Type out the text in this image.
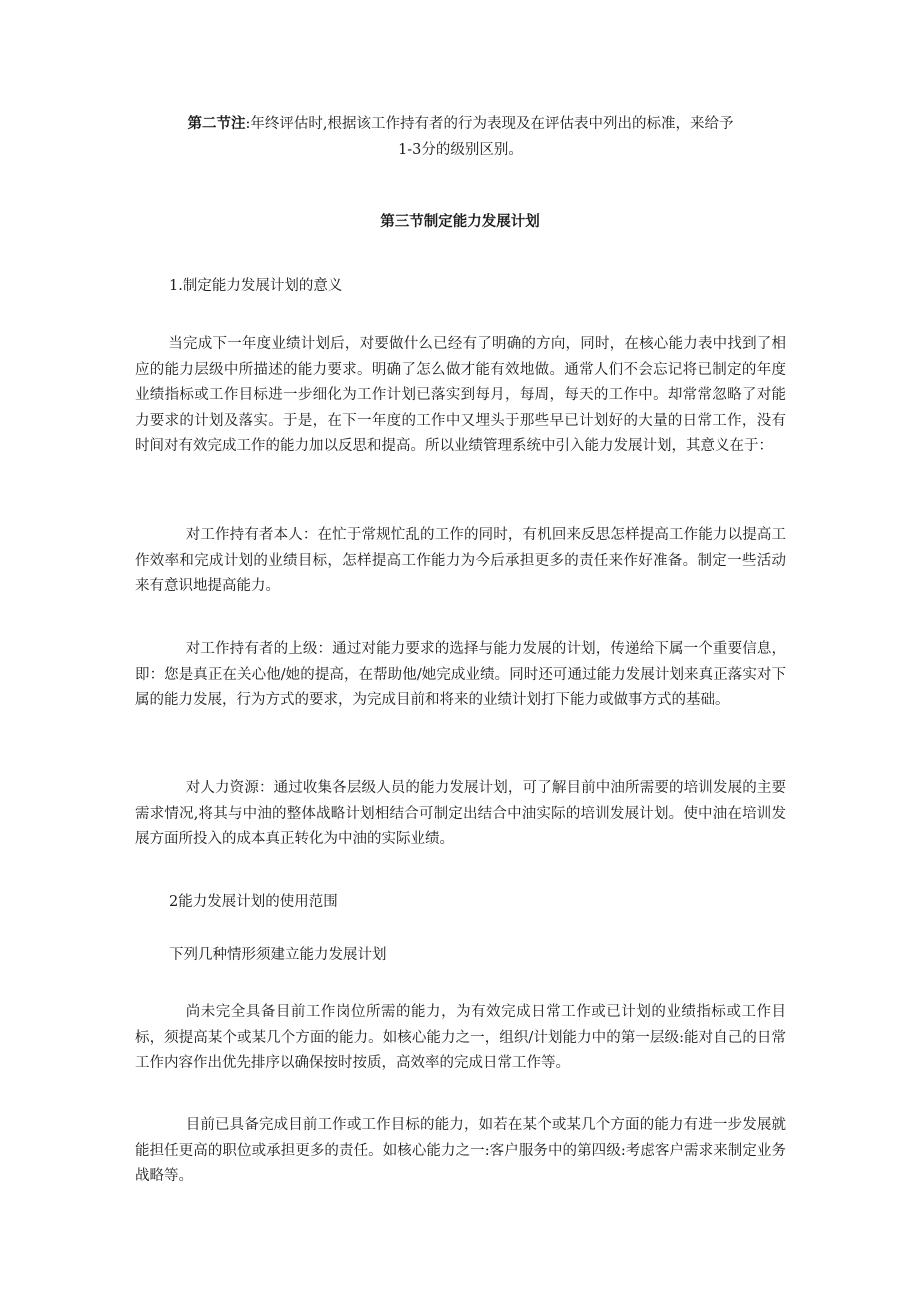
第二节注:年终评估时,根据该工作持有者的行为表现及在评估表中列出的标准，来给予
1-3分的级别区别。
第三节制定能力发展计划
1.制定能力发展计划的意义

当完成下一年度业绩计划后，对要做什么已经有了明确的方向，同时，在核心能力表中找到了相应的能力层级中所描述的能力要求。明确了怎么做才能有效地做。通常人们不会忘记将已制定的年度业绩指标或工作目标进一步细化为工作计划已落实到每月，每周，每天的工作中。却常常忽略了对能力要求的计划及落实。于是，在下一年度的工作中又埋头于那些早已计划好的大量的日常工作，没有时间对有效完成工作的能力加以反思和提高。所以业绩管理系统中引入能力发展计划，其意义在于：

对工作持有者本人：在忙于常规忙乱的工作的同时，有机回来反思怎样提高工作能力以提高工作效率和完成计划的业绩目标，怎样提高工作能力为今后承担更多的责任来作好准备。制定一些活动来有意识地提高能力。

对工作持有者的上级：通过对能力要求的选择与能力发展的计划，传递给下属一个重要信息，即：您是真正在关心他/她的提高，在帮助他/她完成业绩。同时还可通过能力发展计划来真正落实对下属的能力发展，行为方式的要求，为完成目前和将来的业绩计划打下能力或做事方式的基础。

对人力资源：通过收集各层级人员的能力发展计划，可了解目前中油所需要的培训发展的主要需求情况,将其与中油的整体战略计划相结合可制定出结合中油实际的培训发展计划。使中油在培训发展方面所投入的成本真正转化为中油的实际业绩。

2能力发展计划的使用范围
下列几种情形须建立能力发展计划

尚未完全具备目前工作岗位所需的能力，为有效完成日常工作或已计划的业绩指标或工作目标，须提高某个或某几个方面的能力。如核心能力之一，组织/计划能力中的第一层级:能对自己的日常工作内容作出优先排序以确保按时按质，高效率的完成日常工作等。

目前已具备完成目前工作或工作目标的能力，如若在某个或某几个方面的能力有进一步发展就能担任更高的职位或承担更多的责任。如核心能力之一:客户服务中的第四级:考虑客户需求来制定业务战略等。
